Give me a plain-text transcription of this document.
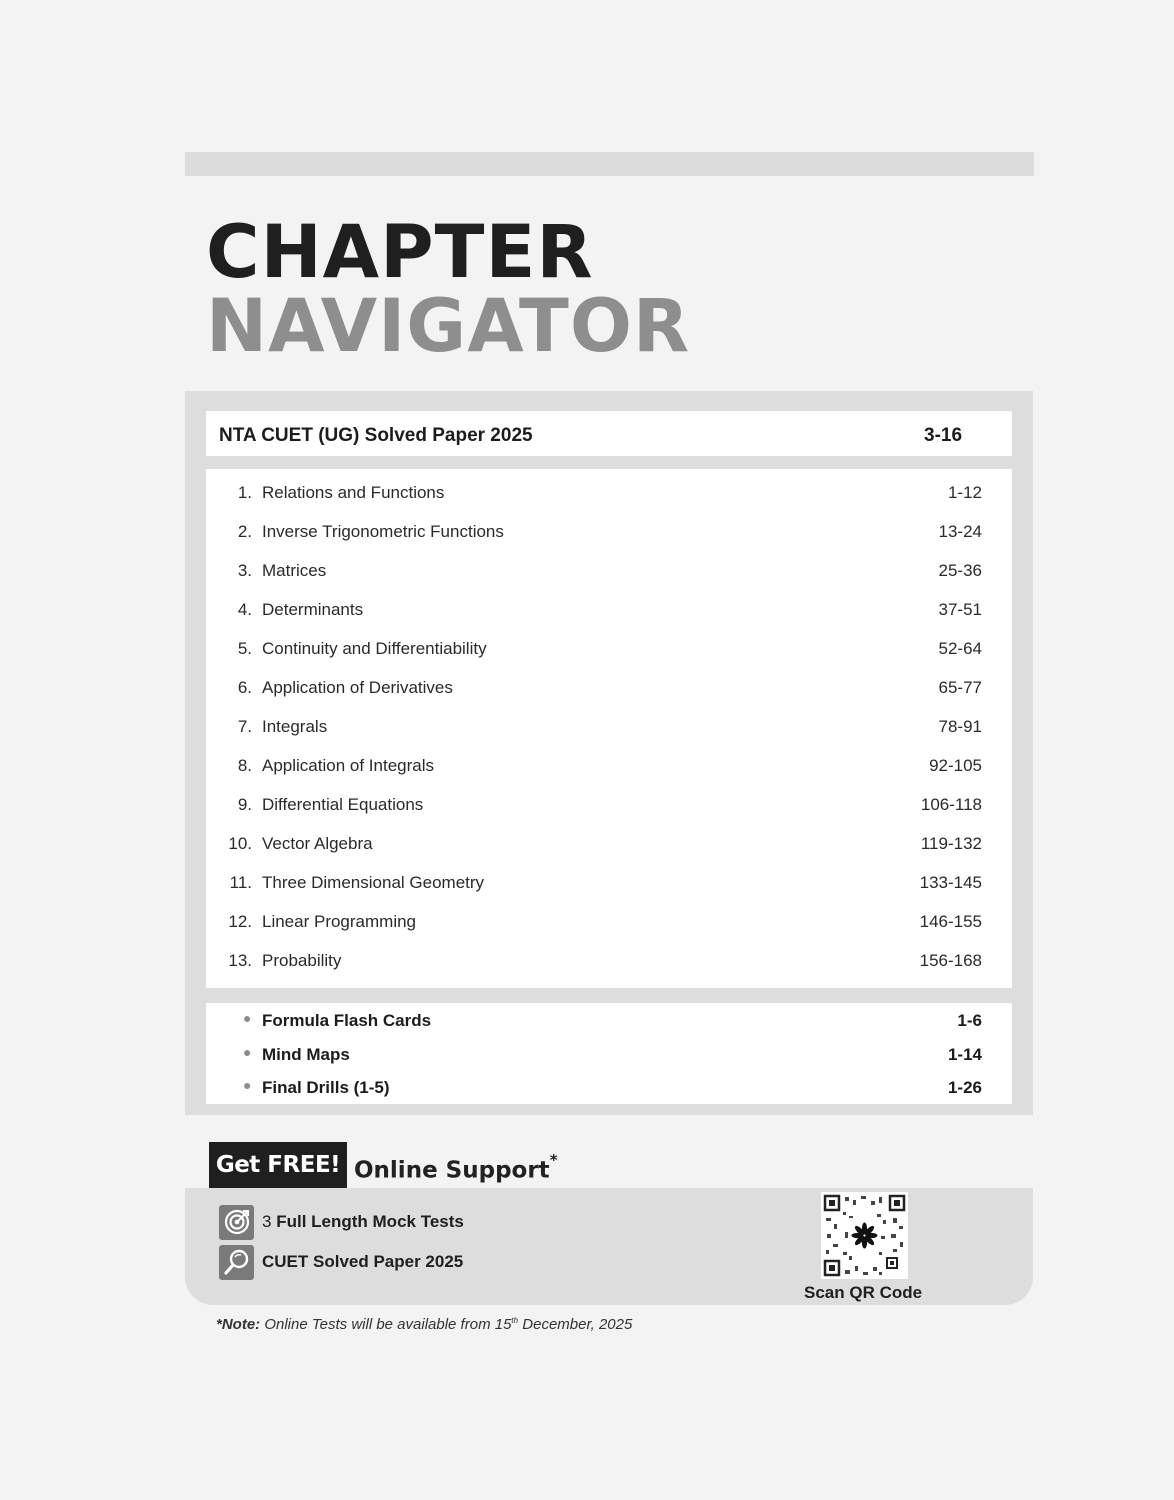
CHAPTER
NAVIGATOR
NTA CUET (UG) Solved Paper 2025	3-16
1. Relations and Functions	1-12
2. Inverse Trigonometric Functions	13-24
3. Matrices	25-36
4. Determinants	37-51
5. Continuity and Differentiability	52-64
6. Application of Derivatives	65-77
7. Integrals	78-91
8. Application of Integrals	92-105
9. Differential Equations	106-118
10. Vector Algebra	119-132
11. Three Dimensional Geometry	133-145
12. Linear Programming	146-155
13. Probability	156-168
● Formula Flash Cards	1-6
● Mind Maps	1-14
● Final Drills (1-5)	1-26
Get FREE! Online Support*
3 Full Length Mock Tests
CUET Solved Paper 2025
Scan QR Code
*Note: Online Tests will be available from 15th December, 2025
